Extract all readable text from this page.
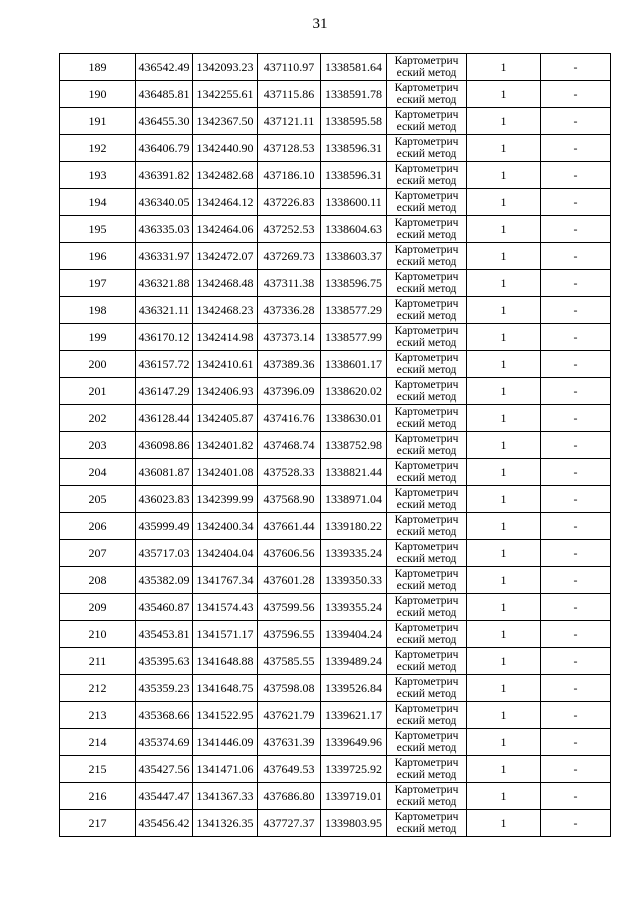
31
189	436542.49	1342093.23	437110.97	1338581.64	Картометрич еский метод	1	-
190	436485.81	1342255.61	437115.86	1338591.78	Картометрич еский метод	1	-
191	436455.30	1342367.50	437121.11	1338595.58	Картометрич еский метод	1	-
192	436406.79	1342440.90	437128.53	1338596.31	Картометрич еский метод	1	-
193	436391.82	1342482.68	437186.10	1338596.31	Картометрич еский метод	1	-
194	436340.05	1342464.12	437226.83	1338600.11	Картометрич еский метод	1	-
195	436335.03	1342464.06	437252.53	1338604.63	Картометрич еский метод	1	-
196	436331.97	1342472.07	437269.73	1338603.37	Картометрич еский метод	1	-
197	436321.88	1342468.48	437311.38	1338596.75	Картометрич еский метод	1	-
198	436321.11	1342468.23	437336.28	1338577.29	Картометрич еский метод	1	-
199	436170.12	1342414.98	437373.14	1338577.99	Картометрич еский метод	1	-
200	436157.72	1342410.61	437389.36	1338601.17	Картометрич еский метод	1	-
201	436147.29	1342406.93	437396.09	1338620.02	Картометрич еский метод	1	-
202	436128.44	1342405.87	437416.76	1338630.01	Картометрич еский метод	1	-
203	436098.86	1342401.82	437468.74	1338752.98	Картометрич еский метод	1	-
204	436081.87	1342401.08	437528.33	1338821.44	Картометрич еский метод	1	-
205	436023.83	1342399.99	437568.90	1338971.04	Картометрич еский метод	1	-
206	435999.49	1342400.34	437661.44	1339180.22	Картометрич еский метод	1	-
207	435717.03	1342404.04	437606.56	1339335.24	Картометрич еский метод	1	-
208	435382.09	1341767.34	437601.28	1339350.33	Картометрич еский метод	1	-
209	435460.87	1341574.43	437599.56	1339355.24	Картометрич еский метод	1	-
210	435453.81	1341571.17	437596.55	1339404.24	Картометрич еский метод	1	-
211	435395.63	1341648.88	437585.55	1339489.24	Картометрич еский метод	1	-
212	435359.23	1341648.75	437598.08	1339526.84	Картометрич еский метод	1	-
213	435368.66	1341522.95	437621.79	1339621.17	Картометрич еский метод	1	-
214	435374.69	1341446.09	437631.39	1339649.96	Картометрич еский метод	1	-
215	435427.56	1341471.06	437649.53	1339725.92	Картометрич еский метод	1	-
216	435447.47	1341367.33	437686.80	1339719.01	Картометрич еский метод	1	-
217	435456.42	1341326.35	437727.37	1339803.95	Картометрич еский метод	1	-
